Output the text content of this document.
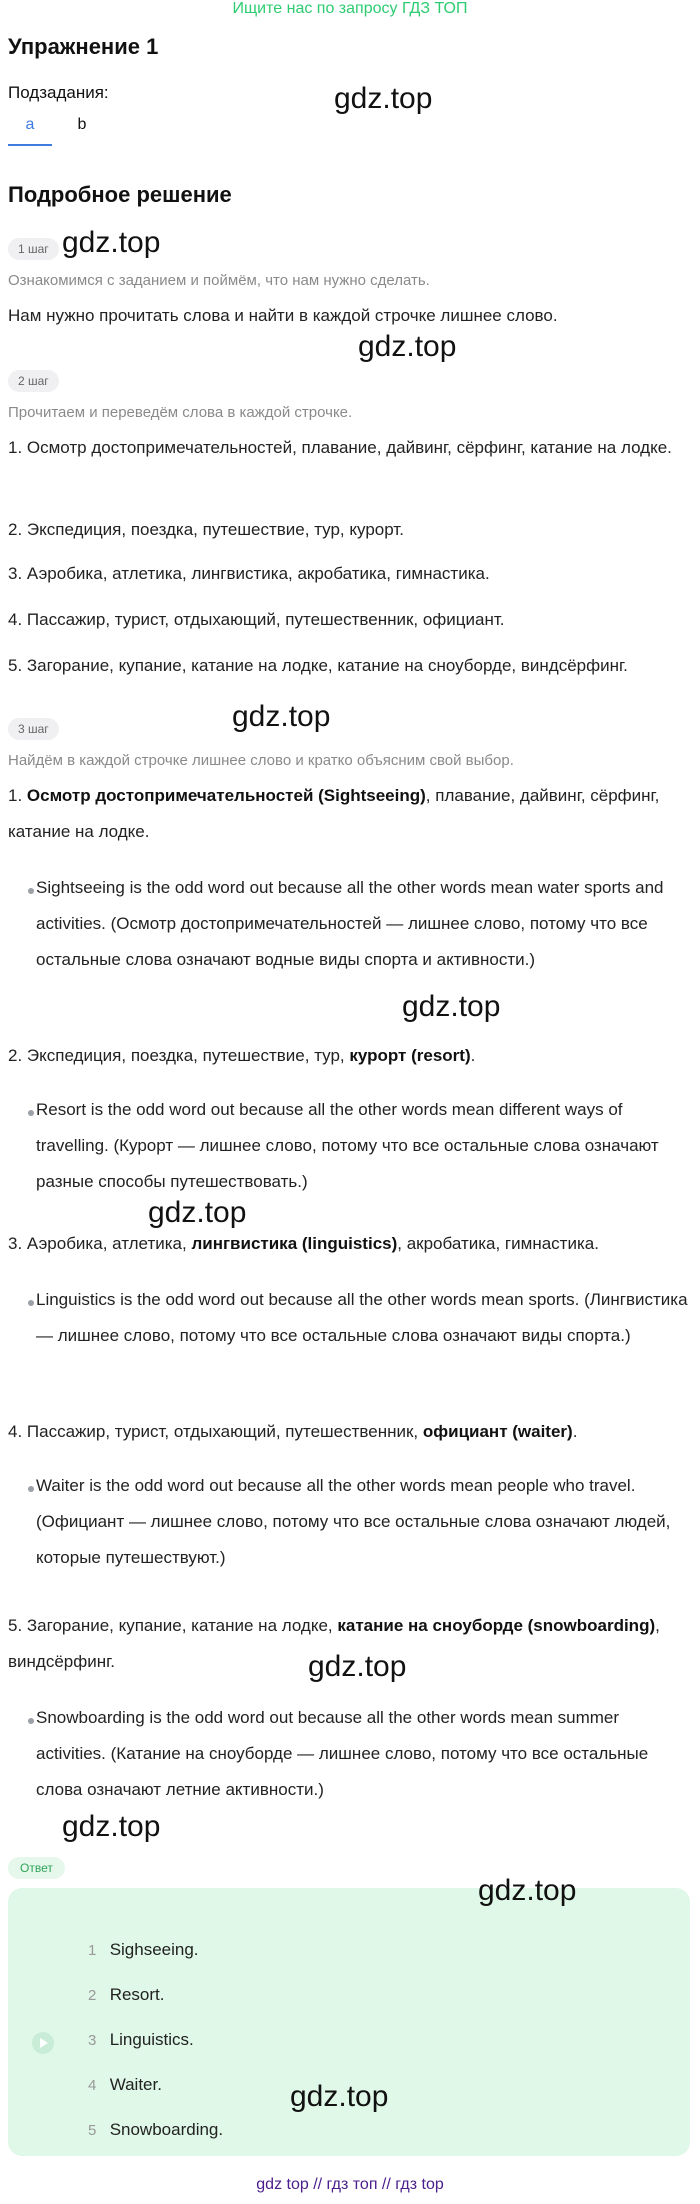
Ищите нас по запросу ГДЗ ТОП
Упражнение 1
Подзадания:
a	b
Подробное решение
1 шаг
Ознакомимся с заданием и поймём, что нам нужно сделать.
Нам нужно прочитать слова и найти в каждой строчке лишнее слово.
2 шаг
Прочитаем и переведём слова в каждой строчке.
1. Осмотр достопримечательностей, плавание, дайвинг, сёрфинг, катание на лодке.
2. Экспедиция, поездка, путешествие, тур, курорт.
3. Аэробика, атлетика, лингвистика, акробатика, гимнастика.
4. Пассажир, турист, отдыхающий, путешественник, официант.
5. Загорание, купание, катание на лодке, катание на сноуборде, виндсёрфинг.
3 шаг
Найдём в каждой строчке лишнее слово и кратко объясним свой выбор.
1. Осмотр достопримечательностей (Sightseeing), плавание, дайвинг, сёрфинг, катание на лодке.
Sightseeing is the odd word out because all the other words mean water sports and activities. (Осмотр достопримечательностей — лишнее слово, потому что все остальные слова означают водные виды спорта и активности.)
2. Экспедиция, поездка, путешествие, тур, курорт (resort).
Resort is the odd word out because all the other words mean different ways of travelling. (Курорт — лишнее слово, потому что все остальные слова означают разные способы путешествовать.)
3. Аэробика, атлетика, лингвистика (linguistics), акробатика, гимнастика.
Linguistics is the odd word out because all the other words mean sports. (Лингвистика — лишнее слово, потому что все остальные слова означают виды спорта.)
4. Пассажир, турист, отдыхающий, путешественник, официант (waiter).
Waiter is the odd word out because all the other words mean people who travel. (Официант — лишнее слово, потому что все остальные слова означают людей, которые путешествуют.)
5. Загорание, купание, катание на лодке, катание на сноуборде (snowboarding), виндсёрфинг.
Snowboarding is the odd word out because all the other words mean summer activities. (Катание на сноуборде — лишнее слово, потому что все остальные слова означают летние активности.)
Ответ
1 Sighseeing.
2 Resort.
3 Linguistics.
4 Waiter.
5 Snowboarding.
gdz.top
gdz.top
gdz.top
gdz.top
gdz.top
gdz.top
gdz.top
gdz.top
gdz.top
gdz.top
gdz top // гдз топ // гдз top
